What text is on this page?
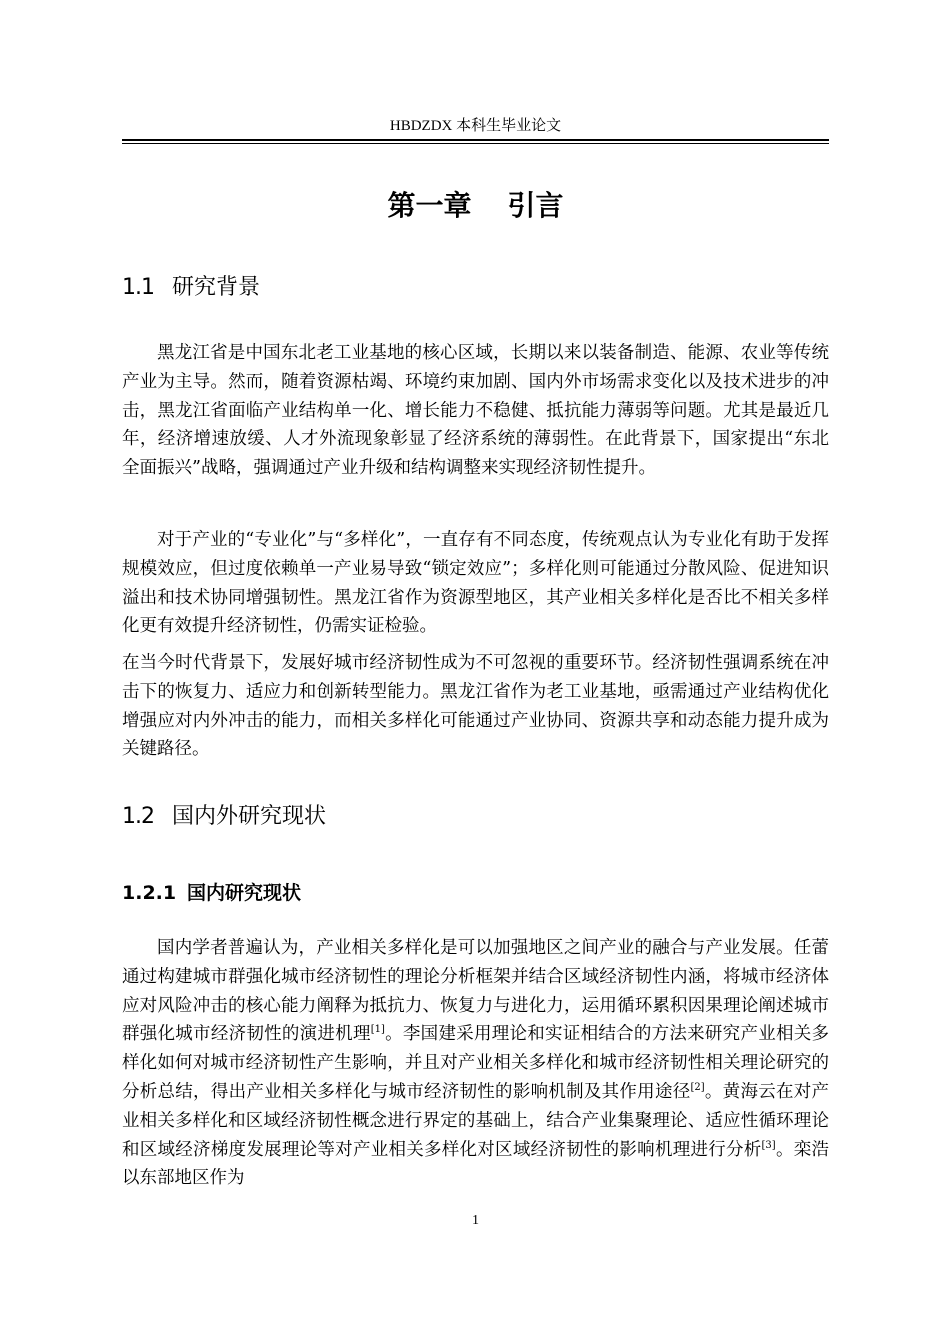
HBDZDX 本科生毕业论文
第一章 引言
1.1 研究背景

黑龙江省是中国东北老工业基地的核心区域，长期以来以装备制造、能源、农业等传统产业为主导。然而，随着资源枯竭、环境约束加剧、国内外市场需求变化以及技术进步的冲击，黑龙江省面临产业结构单一化、增长能力不稳健、抵抗能力薄弱等问题。尤其是最近几年，经济增速放缓、人才外流现象彰显了经济系统的薄弱性。在此背景下，国家提出“东北全面振兴”战略，强调通过产业升级和结构调整来实现经济韧性提升。

对于产业的“专业化”与“多样化”，一直存有不同态度，传统观点认为专业化有助于发挥规模效应，但过度依赖单一产业易导致“锁定效应”；多样化则可能通过分散风险、促进知识溢出和技术协同增强韧性。黑龙江省作为资源型地区，其产业相关多样化是否比不相关多样化更有效提升经济韧性，仍需实证检验。

在当今时代背景下，发展好城市经济韧性成为不可忽视的重要环节。经济韧性强调系统在冲击下的恢复力、适应力和创新转型能力。黑龙江省作为老工业基地，亟需通过产业结构优化增强应对内外冲击的能力，而相关多样化可能通过产业协同、资源共享和动态能力提升成为关键路径。

1.2 国内外研究现状
1.2.1 国内研究现状

国内学者普遍认为，产业相关多样化是可以加强地区之间产业的融合与产业发展。任蕾通过构建城市群强化城市经济韧性的理论分析框架并结合区域经济韧性内涵，将城市经济体应对风险冲击的核心能力阐释为抵抗力、恢复力与进化力，运用循环累积因果理论阐述城市群强化城市经济韧性的演进机理[1]。李国建采用理论和实证相结合的方法来研究产业相关多样化如何对城市经济韧性产生影响，并且对产业相关多样化和城市经济韧性相关理论研究的分析总结，得出产业相关多样化与城市经济韧性的影响机制及其作用途径[2]。黄海云在对产业相关多样化和区域经济韧性概念进行界定的基础上，结合产业集聚理论、适应性循环理论和区域经济梯度发展理论等对产业相关多样化对区域经济韧性的影响机理进行分析[3]。栾浩以东部地区作为

1
